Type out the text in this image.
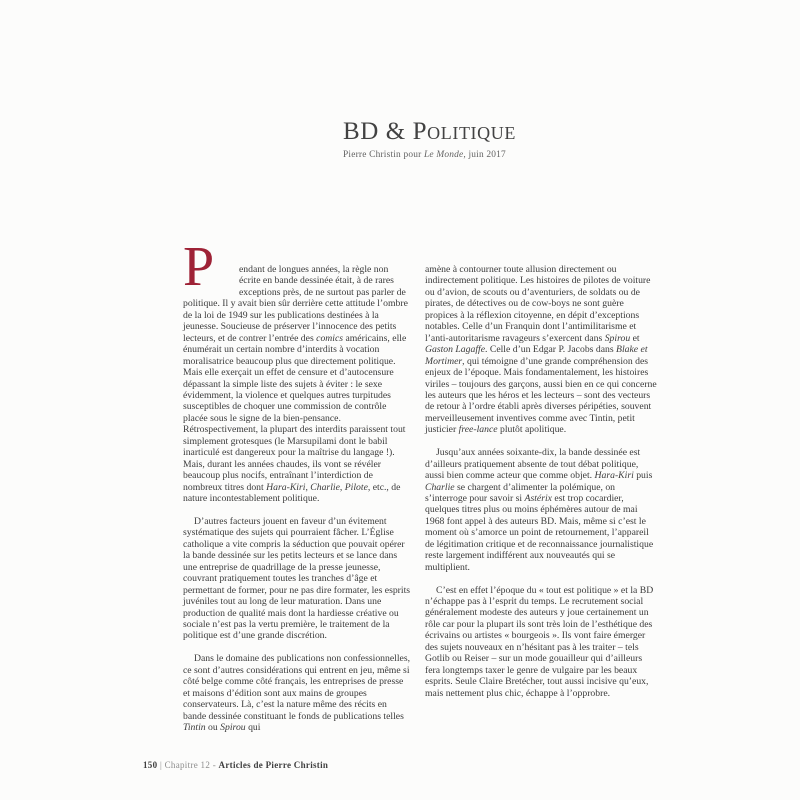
BD & Politique
Pierre Christin pour Le Monde, juin 2017

P	endant de longues années, la règle non écrite en bande dessinée était, à de rares exceptions près, de ne surtout pas parler de politique. Il y avait bien sûr derrière cette attitude l’ombre de la loi de 1949 sur les publications destinées à la jeunesse. Soucieuse de préserver l’innocence des petits lecteurs, et de contrer l’entrée des comics américains, elle énumérait un certain nombre d’interdits à vocation moralisatrice beaucoup plus que directement politique. Mais elle exerçait un effet de censure et d’autocensure dépassant la simple liste des sujets à éviter : le sexe évidemment, la violence et quelques autres turpitudes susceptibles de choquer une commission de contrôle placée sous le signe de la bien-pensance. Rétrospectivement, la plupart des interdits paraissent tout simplement grotesques (le Marsupilami dont le babil inarticulé est dangereux pour la maîtrise du langage !). Mais, durant les années chaudes, ils vont se révéler beaucoup plus nocifs, entraînant l’interdiction de nombreux titres dont Hara-Kiri, Charlie, Pilote, etc., de nature incontestablement politique.

D’autres facteurs jouent en faveur d’un évitement systématique des sujets qui pourraient fâcher. L’Église catholique a vite compris la séduction que pouvait opérer la bande dessinée sur les petits lecteurs et se lance dans une entreprise de quadrillage de la presse jeunesse, couvrant pratiquement toutes les tranches d’âge et permettant de former, pour ne pas dire formater, les esprits juvéniles tout au long de leur maturation. Dans une production de qualité mais dont la hardiesse créative ou sociale n’est pas la vertu première, le traitement de la politique est d’une grande discrétion.

Dans le domaine des publications non confessionnelles, ce sont d’autres considérations qui entrent en jeu, même si côté belge comme côté français, les entreprises de presse et maisons d’édition sont aux mains de groupes conservateurs. Là, c’est la nature même des récits en bande dessinée constituant le fonds de publications telles Tintin ou Spirou qui

amène à contourner toute allusion directement ou indirectement politique. Les histoires de pilotes de voiture ou d’avion, de scouts ou d’aventuriers, de soldats ou de pirates, de détectives ou de cow-boys ne sont guère propices à la réflexion citoyenne, en dépit d’exceptions notables. Celle d’un Franquin dont l’antimilitarisme et l’anti-autoritarisme ravageurs s’exercent dans Spirou et Gaston Lagaffe. Celle d’un Edgar P. Jacobs dans Blake et Mortimer, qui témoigne d’une grande compréhension des enjeux de l’époque. Mais fondamentalement, les histoires viriles – toujours des garçons, aussi bien en ce qui concerne les auteurs que les héros et les lecteurs – sont des vecteurs de retour à l’ordre établi après diverses péripéties, souvent merveilleusement inventives comme avec Tintin, petit justicier free-lance plutôt apolitique.

Jusqu’aux années soixante-dix, la bande dessinée est d’ailleurs pratiquement absente de tout débat politique, aussi bien comme acteur que comme objet. Hara-Kiri puis Charlie se chargent d’alimenter la polémique, on s’interroge pour savoir si Astérix est trop cocardier, quelques titres plus ou moins éphémères autour de mai 1968 font appel à des auteurs BD. Mais, même si c’est le moment où s’amorce un point de retournement, l’appareil de légitimation critique et de reconnaissance journalistique reste largement indifférent aux nouveautés qui se multiplient.

C’est en effet l’époque du « tout est politique » et la BD n’échappe pas à l’esprit du temps. Le recrutement social généralement modeste des auteurs y joue certainement un rôle car pour la plupart ils sont très loin de l’esthétique des écrivains ou artistes « bourgeois ». Ils vont faire émerger des sujets nouveaux en n’hésitant pas à les traiter – tels Gotlib ou Reiser – sur un mode gouailleur qui d’ailleurs fera longtemps taxer le genre de vulgaire par les beaux esprits. Seule Claire Bretécher, tout aussi incisive qu’eux, mais nettement plus chic, échappe à l’opprobre.

150 | Chapitre 12 - Articles de Pierre Christin
